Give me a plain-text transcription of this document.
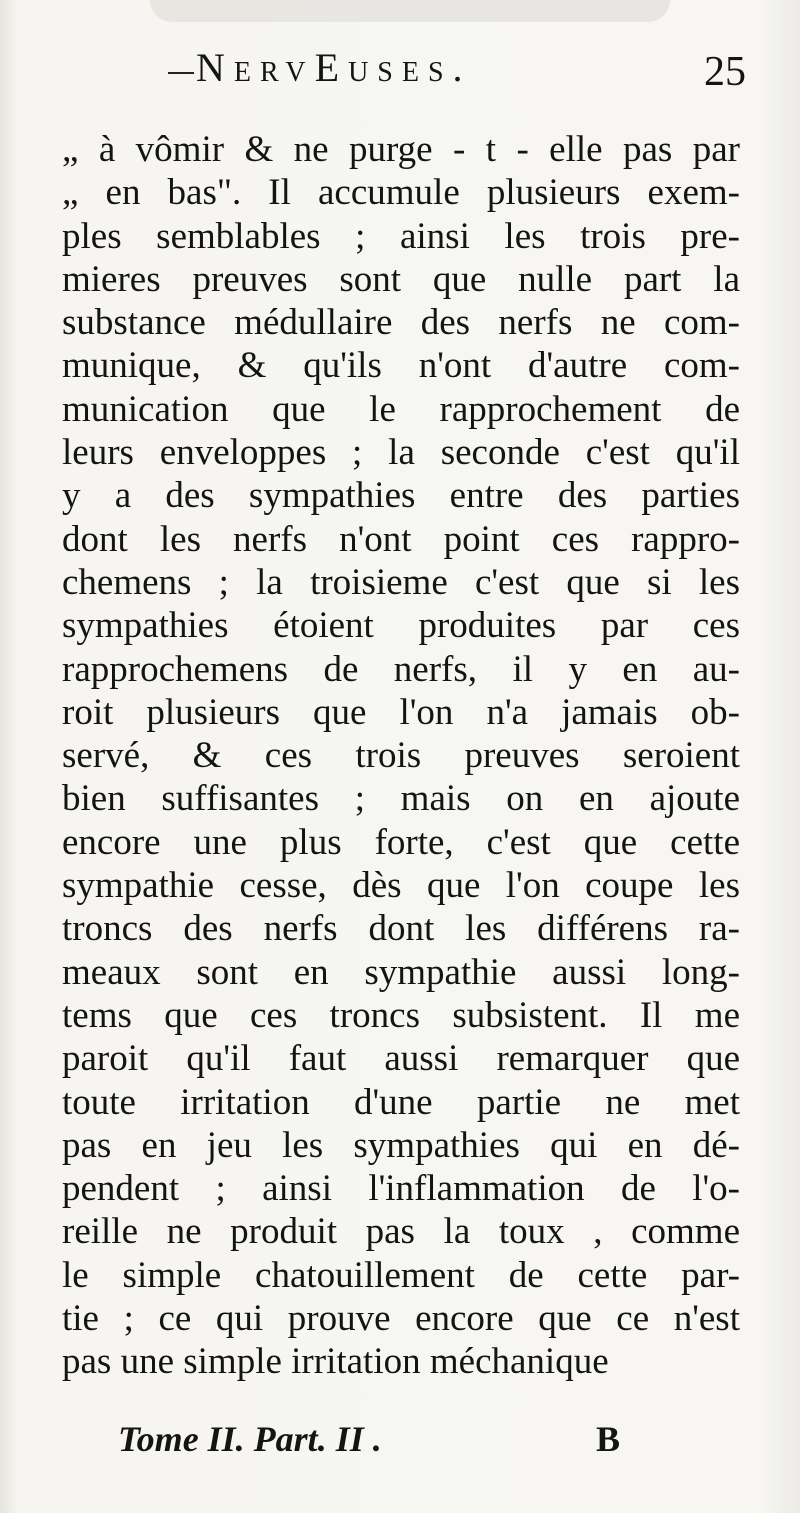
NervEuses.	25
„ à vômir & ne purge - t - elle pas par
„ en bas". Il accumule plusieurs exem-
ples semblables ; ainsi les trois pre-
mieres preuves sont que nulle part la
substance médullaire des nerfs ne com-
munique, & qu'ils n'ont d'autre com-
munication que le rapprochement de
leurs enveloppes ; la seconde c'est qu'il
y a des sympathies entre des parties
dont les nerfs n'ont point ces rappro-
chemens ; la troisieme c'est que si les
sympathies étoient produites par ces
rapprochemens de nerfs, il y en au-
roit plusieurs que l'on n'a jamais ob-
servé, & ces trois preuves seroient
bien suffisantes ; mais on en ajoute
encore une plus forte, c'est que cette
sympathie cesse, dès que l'on coupe les
troncs des nerfs dont les différens ra-
meaux sont en sympathie aussi long-
tems que ces troncs subsistent. Il me
paroit qu'il faut aussi remarquer que
toute irritation d'une partie ne met
pas en jeu les sympathies qui en dé-
pendent ; ainsi l'inflammation de l'o-
reille ne produit pas la toux , comme
le simple chatouillement de cette par-
tie ; ce qui prouve encore que ce n'est
pas une simple irritation méchanique
Tome II. Part. II .	B
